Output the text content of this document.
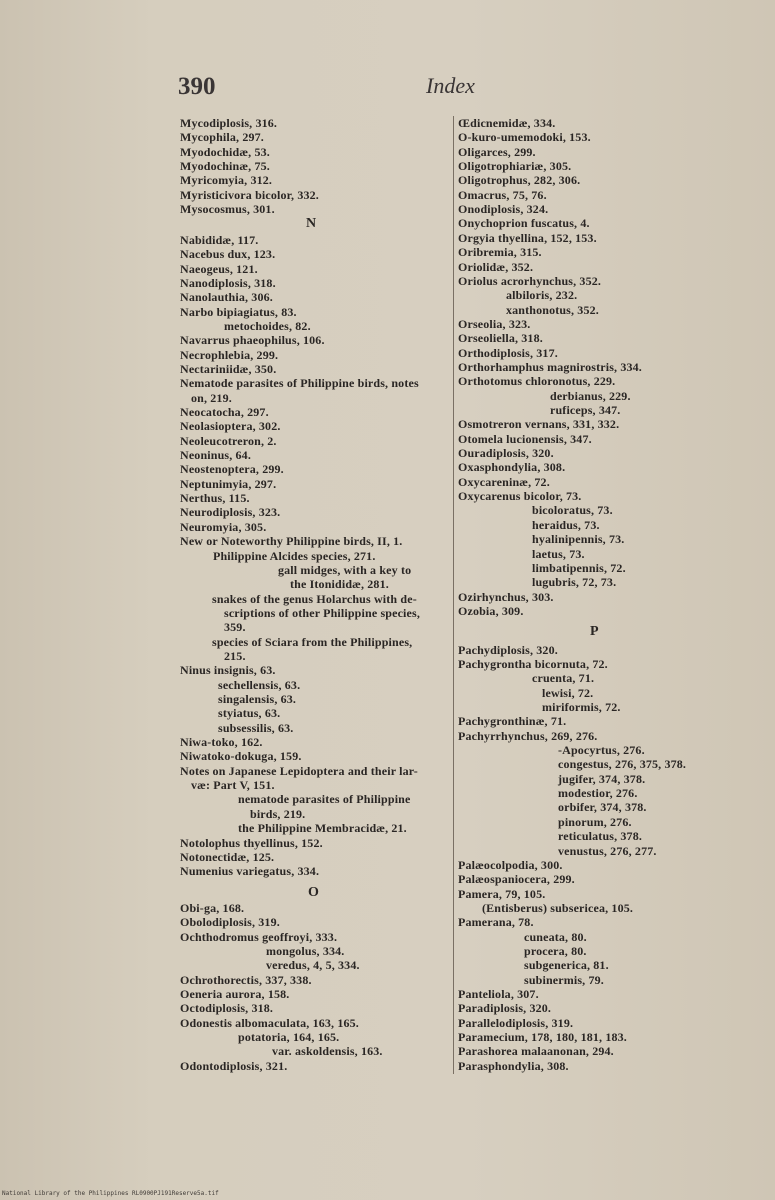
390	Index
Mycodiplosis, 316.
Mycophila, 297.
Myodochidæ, 53.
Myodochinæ, 75.
Myricomyia, 312.
Myristicivora bicolor, 332.
Mysocosmus, 301.
N
Nabididæ, 117.
Nacebus dux, 123.
Naeogeus, 121.
Nanodiplosis, 318.
Nanolauthia, 306.
Narbo bipiagiatus, 83.
metochoides, 82.
Navarrus phaeophilus, 106.
Necrophlebia, 299.
Nectariniidæ, 350.
Nematode parasites of Philippine birds, notes
on, 219.
Neocatocha, 297.
Neolasioptera, 302.
Neoleucotreron, 2.
Neoninus, 64.
Neostenoptera, 299.
Neptunimyia, 297.
Nerthus, 115.
Neurodiplosis, 323.
Neuromyia, 305.
New or Noteworthy Philippine birds, II, 1.
Philippine Alcides species, 271.
gall midges, with a key to
the Itonididæ, 281.
snakes of the genus Holarchus with de-
scriptions of other Philippine species,
359.
species of Sciara from the Philippines,
215.
Ninus insignis, 63.
sechellensis, 63.
singalensis, 63.
styiatus, 63.
subsessilis, 63.
Niwa-toko, 162.
Niwatoko-dokuga, 159.
Notes on Japanese Lepidoptera and their lar-
væ: Part V, 151.
nematode parasites of Philippine
birds, 219.
the Philippine Membracidæ, 21.
Notolophus thyellinus, 152.
Notonectidæ, 125.
Numenius variegatus, 334.
O
Obi-ga, 168.
Obolodiplosis, 319.
Ochthodromus geoffroyi, 333.
mongolus, 334.
veredus, 4, 5, 334.
Ochrothorectis, 337, 338.
Oeneria aurora, 158.
Octodiplosis, 318.
Odonestis albomaculata, 163, 165.
potatoria, 164, 165.
var. askoldensis, 163.
Odontodiplosis, 321.
Œdicnemidæ, 334.
O-kuro-umemodoki, 153.
Oligarces, 299.
Oligotrophiariæ, 305.
Oligotrophus, 282, 306.
Omacrus, 75, 76.
Onodiplosis, 324.
Onychoprion fuscatus, 4.
Orgyia thyellina, 152, 153.
Oribremia, 315.
Oriolidæ, 352.
Oriolus acrorhynchus, 352.
albiloris, 232.
xanthonotus, 352.
Orseolia, 323.
Orseoliella, 318.
Orthodiplosis, 317.
Orthorhamphus magnirostris, 334.
Orthotomus chloronotus, 229.
derbianus, 229.
ruficeps, 347.
Osmotreron vernans, 331, 332.
Otomela lucionensis, 347.
Ouradiplosis, 320.
Oxasphondylia, 308.
Oxycareninæ, 72.
Oxycarenus bicolor, 73.
bicoloratus, 73.
heraidus, 73.
hyalinipennis, 73.
laetus, 73.
limbatipennis, 72.
lugubris, 72, 73.
Ozirhynchus, 303.
Ozobia, 309.
P
Pachydiplosis, 320.
Pachygrontha bicornuta, 72.
cruenta, 71.
lewisi, 72.
miriformis, 72.
Pachygronthinæ, 71.
Pachyrrhynchus, 269, 276.
-Apocyrtus, 276.
congestus, 276, 375, 378.
jugifer, 374, 378.
modestior, 276.
orbifer, 374, 378.
pinorum, 276.
reticulatus, 378.
venustus, 276, 277.
Palæocolpodia, 300.
Palæospaniocera, 299.
Pamera, 79, 105.
(Entisberus) subsericea, 105.
Pamerana, 78.
cuneata, 80.
procera, 80.
subgenerica, 81.
subinermis, 79.
Panteliola, 307.
Paradiplosis, 320.
Parallelodiplosis, 319.
Paramecium, 178, 180, 181, 183.
Parashorea malaanonan, 294.
Parasphondylia, 308.
National Library of the Philippines RL0900PJ191Reserve5a.tif
